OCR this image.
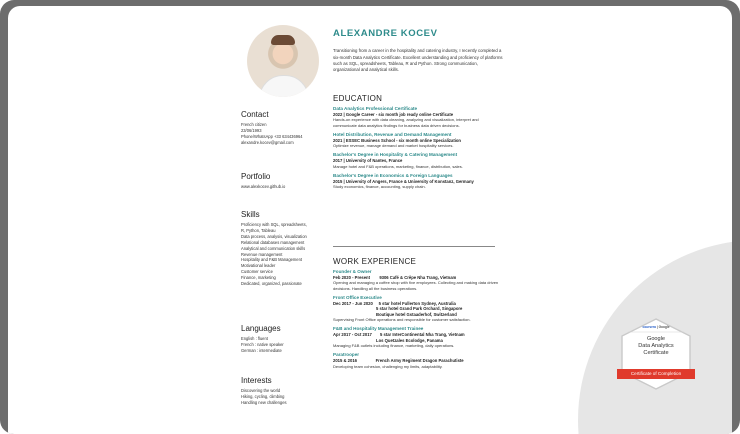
ALEXANDRE KOCEV

Transitioning from a career in the hospitality and catering industry, I recently completed a six-month Data Analytics Certificate. Excellent understanding and proficiency of platforms such as SQL, spreadsheets, Tableau, R and Python. Strong communication, organizational and analytical skills.

Contact

French citizen

23/06/1993

Phone/WhatsApp +33 634436964

alexandre.kocev@gmail.com

Portfolio

www.alexkocev.github.io

Skills

Proficiency with SQL, spreadsheets,

R, Python, Tableau

Data process, analysis, visualization

Relational databases management

Analytical and communication skills

Revenue management

Hospitality and F&B Management

Motivational leader

Customer service

Finance, marketing

Dedicated, organized, passionate

Languages

English : fluent

French : native speaker

German : intermediate

Interests

Discovering the world

Hiking, cycling, climbing

Handling new challenges

EDUCATION

Data Analytics Professional Certificate

2022 | Google Career - six month job ready online Certificate

Hands-on experience with data cleaning, analyzing and visualization, interpret and communicate data analytics findings for business data driven decisions.

Hotel Distribution, Revenue and Demand Management

2021 | ESSEC Business School - six month online Specialization

Optimize revenue, manage demand and market hospitality services.

Bachelor's Degree in Hospitality & Catering Management

2017 | University of Nantes, France

Manage hotel and F&B operations, marketing, finance, distribution, sales.

Bachelor's Degree in Economics & Foreign Languages

2015 | University of Angers, France & University of Konstanz, Germany

Study economics, finance, accounting, supply chain.

WORK EXPERIENCE

Founder & Owner

Feb 2020 - Present        9306 Café & Crêpe Nha Trang, Vietnam

Opening and managing a coffee shop with five employees. Collecting and making data driven decisions. Handling all the business operations.

Front Office Executive

Dec 2017 - Jun 2020     5 star hotel Fullerton Sydney, Australia

5 star hotel Grand Park Orchard, Singapore

Boutique hotel Gstaaderhof, Switzerland

Supervising Front Office operations and responsible for customer satisfaction.

F&B and Hospitality Management Trainee

Apr 2017 - Oct 2017       5 star InterContinental Nha Trang, Vietnam

Los Quetzales Ecolodge, Panama

Managing F&B outlets including finance, marketing, daily operations.

Paratrooper

2015 & 2016                French Army Regiment Dragon Parachutiste

Developing team cohesion, challenging my limits, adaptability.

coursera | Google
Google
Data Analytics
Certificate
Certificate of Completion
